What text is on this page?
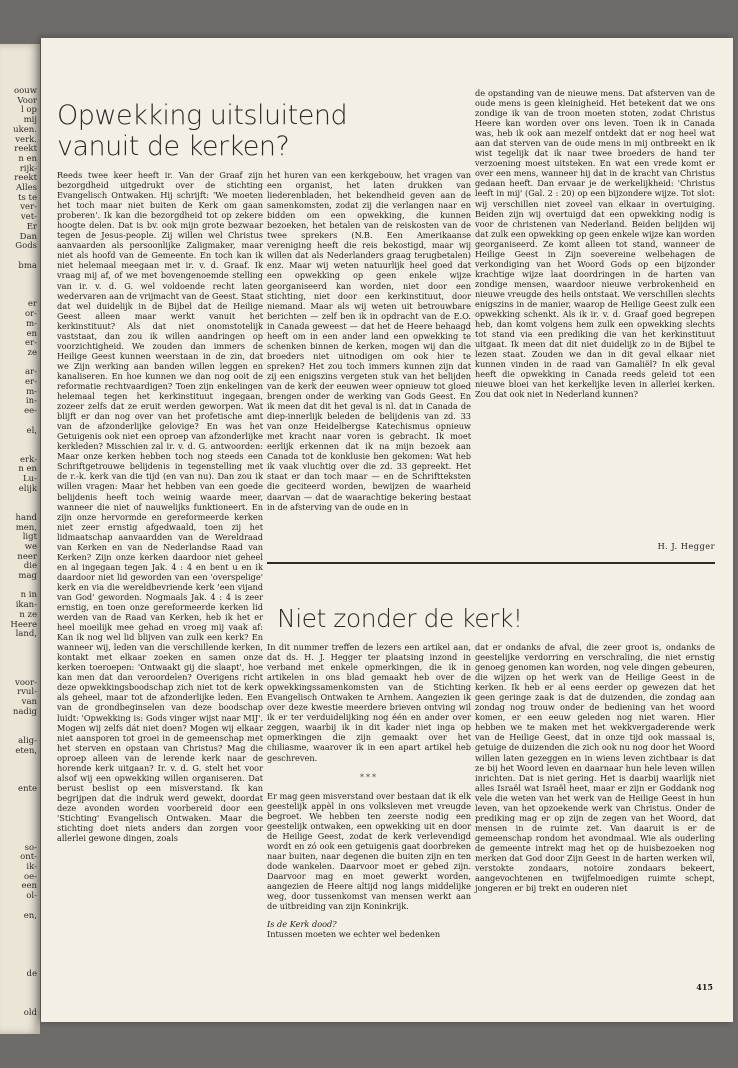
oouw
Voor
l op
mij
uken.
verk.
reekt
n en
rijk-
reekt
Alles
ts te
ver-
vet-
Er
Dan
Gods
bma
er
or-
m-
en
er-
ze
ar-
er-
m-
in-
ee-
el,
erk-
n en
Lu-
elijk
hand
men,
ligt
we
neer
die
mag
n in
ikan-
n ze
Heere
land,
voor-
rvul-
van
nadig
alig-
eten,
ente
so-
ont-
ik-
oe-
een
ol-
en,
de
old
Opwekking uitsluitend vanuit de kerken?

Reeds twee keer heeft ir. Van der Graaf zijn bezorgdheid uitgedrukt over de stichting Evangelisch Ontwaken. Hij schrijft: 'We moeten het toch maar niet buiten de Kerk om gaan proberen'. Ik kan die bezorgdheid tot op zekere hoogte delen. Dat is bv. ook mijn grote bezwaar tegen de Jesus-people. Zij willen wel Christus aanvaarden als persoonlijke Zaligmaker, maar niet als hoofd van de Gemeente. En toch kan ik niet helemaal meegaan met ir. v. d. Graaf. Ik vraag mij af, of we met bovengenoemde stelling van ir. v. d. G. wel voldoende recht laten wedervaren aan de vrijmacht van de Geest. Staat dat wel duidelijk in de Bijbel dat de Heilige Geest alleen maar werkt vanuit het kerkinstituut? Als dat niet onomstotelijk vaststaat, dan zou ik willen aandringen op voorzichtigheid. We zouden dan immers de Heilige Geest kunnen weerstaan in de zin, dat we Zijn werking aan banden willen leggen en kanaliseren. En hoe kunnen we dan nog ooit de reformatie rechtvaardigen? Toen zijn enkelingen helemaal tegen het kerkinstituut ingegaan, zozeer zelfs dat ze eruit werden geworpen. Wat blijft er dan nog over van het profetische amt van de afzonderlijke gelovige? En was het Getuigenis ook niet een oproep van afzonderlijke kerkleden? Misschien zal ir. v. d. G. antwoorden: Maar onze kerken hebben toch nog steeds een Schriftgetrouwe belijdenis in tegenstelling met de r.-k. kerk van die tijd (en van nu). Dan zou ik willen vragen: Maar het hebben van een goede belijdenis heeft toch weinig waarde meer, wanneer die niet of nauwelijks funktioneert. En zijn onze hervormde en gereformeerde kerken niet zeer ernstig afgedwaald, toen zij het lidmaatschap aanvaardden van de Wereldraad van Kerken en van de Nederlandse Raad van Kerken? Zijn onze kerken daardoor niet geheel en al ingegaan tegen Jak. 4 : 4 en bent u en ik daardoor niet lid geworden van een 'overspelige' kerk en via die wereldbevriende kerk 'een vijand van God' geworden. Nogmaals Jak. 4 : 4 is zeer ernstig, en toen onze gereformeerde kerken lid werden van de Raad van Kerken, heb ik het er heel moeilijk mee gehad en vroeg mij vaak af: Kan ik nog wel lid blijven van zulk een kerk? En wanneer wij, leden van die verschillende kerken, kontakt met elkaar zoeken en samen onze kerken toeroepen: 'Ontwaakt gij die slaapt', hoe kan men dat dan veroordelen? Overigens richt deze opwekkingsboodschap zich niet tot de kerk als geheel, maar tot de afzonderlijke leden. Een van de grondbeginselen van deze boodschap luidt: 'Opwekking is: Gods vinger wijst naar MIJ'. Mogen wij zelfs dát niet doen? Mogen wij elkaar niet aansporen tot groei in de gemeenschap met het sterven en opstaan van Christus? Mag die oproep alleen van de lerende kerk naar de horende kerk uitgaan? Ir. v. d. G. stelt het voor alsof wij een opwekking willen organiseren. Dat berust beslist op een misverstand. Ik kan begrijpen dat die indruk werd gewekt, doordat deze avonden worden voorbereid door een 'Stichting' Evangelisch Ontwaken. Maar die stichting doet niets anders dan zorgen voor allerlei gewone dingen, zoals

het huren van een kerkgebouw, het vragen van een organist, het laten drukken van liederenbladen, het bekendheid geven aan de samenkomsten, zodat zij die verlangen naar en bidden om een opwekking, die kunnen bezoeken, het betalen van de reiskosten van de twee sprekers (N.B. Een Amerikaanse vereniging heeft die reis bekostigd, maar wij willen dat als Nederlanders graag terugbetalen) enz. Maar wij weten natuurlijk heel goed dat een opwekking op geen enkele wijze georganiseerd kan worden, niet door een stichting, niet door een kerkinstituut, door niemand. Maar als wij weten uit betrouwbare berichten — zelf ben ik in opdracht van de E.O. in Canada geweest — dat het de Heere behaagd heeft om in een ander land een opwekking te schenken binnen de kerken, mogen wij dan die broeders niet uitnodigen om ook hier te spreken? Het zou toch immers kunnen zijn dat zij een enigszins vergeten stuk van het belijden van de kerk der eeuwen weer opnieuw tot gloed brengen onder de werking van Gods Geest. En ik meen dat dit het geval is nl. dat in Canada de diep-innerlijk beleden de belijdenis van zd. 33 van onze Heidelbergse Katechismus opnieuw met kracht naar voren is gebracht. Ik moet eerlijk erkennen dat ik na mijn bezoek aan Canada tot de konklusie ben gekomen: Wat heb ik vaak vluchtig over die zd. 33 gepreekt. Het staat er dan toch maar — en de Schriftteksten die geciteerd worden, bewijzen de waarheid daarvan — dat de waarachtige bekering bestaat in de afsterving van de oude en in

de opstanding van de nieuwe mens. Dat afsterven van de oude mens is geen kleinigheid. Het betekent dat we ons zondige ik van de troon moeten stoten, zodat Christus Heere kan worden over ons leven. Toen ik in Canada was, heb ik ook aan mezelf ontdekt dat er nog heel wat aan dat sterven van de oude mens in mij ontbreekt en ik wist tegelijk dat ik naar twee broeders de hand ter verzoening moest uitsteken. En wat een vrede komt er over een mens, wanneer hij dat in de kracht van Christus gedaan heeft. Dan ervaar je de werkelijkheid: 'Christus leeft in mij' (Gal. 2 : 20) op een bijzondere wijze. Tot slot: wij verschillen niet zoveel van elkaar in overtuiging. Beiden zijn wij overtuigd dat een opwekking nodig is voor de christenen van Nederland. Beiden belijden wij dat zulk een opwekking op geen enkele wijze kan worden georganiseerd. Ze komt alleen tot stand, wanneer de Heilige Geest in Zijn soevereine welbehagen de verkondiging van het Woord Gods op een bijzonder krachtige wijze laat doordringen in de harten van zondige mensen, waardoor nieuwe verbrokenheid en nieuwe vreugde des heils ontstaat. We verschillen slechts enigszins in de manier, waarop de Heilige Geest zulk een opwekking schenkt. Als ik ir. v. d. Graaf goed begrepen heb, dan komt volgens hem zulk een opwekking slechts tot stand via een prediking die van het kerkinstituut uitgaat. Ik meen dat dit niet duidelijk zo in de Bijbel te lezen staat. Zouden we dan in dit geval elkaar niet kunnen vinden in de raad van Gamaliël? In elk geval heeft die opwekking in Canada reeds geleid tot een nieuwe bloei van het kerkelijke leven in allerlei kerken. Zou dat ook niet in Nederland kunnen?

H. J. Hegger
Niet zonder de kerk!

In dit nummer treffen de lezers een artikel aan, dat ds. H. J. Hegger ter plaatsing inzond in verband met enkele opmerkingen, die ik in artikelen in ons blad gemaakt heb over de opwekkingssamenkomsten van de Stichting Evangelisch Ontwaken te Arnhem. Aangezien ik over deze kwestie meerdere brieven ontving wil ik er ter verduidelijking nog één en ander over zeggen, waarbij ik in dit kader niet inga op opmerkingen die zijn gemaakt over het chiliasme, waarover ik in een apart artikel heb geschreven.

***

Er mag geen misverstand over bestaan dat ik elk geestelijk appèl in ons volksleven met vreugde begroet. We hebben ten zeerste nodig een geestelijk ontwaken, een opwekking uit en door de Heilige Geest, zodat de kerk verlevendigd wordt en zó ook een getuigenis gaat doorbreken naar buiten, naar degenen die buiten zijn en ten dode wankelen. Daarvoor moet er gebed zijn. Daarvoor mag en moet gewerkt worden, aangezien de Heere altijd nog langs middelijke weg, door tussenkomst van mensen werkt aan de uitbreiding van zijn Koninkrijk.

Is de Kerk dood?

Intussen moeten we echter wel bedenken

dat er ondanks de afval, die zeer groot is, ondanks de geestelijke verdorring en verschraling, die niet ernstig genoeg genomen kan worden, nog vele dingen gebeuren, die wijzen op het werk van de Heilige Geest in de kerken. Ik heb er al eens eerder op gewezen dat het geen geringe zaak is dat de duizenden, die zondag aan zondag nog trouw onder de bediening van het woord komen, er een eeuw geleden nog niet waren. Hier hebben we te maken met het wekkvergaderende werk van de Heilige Geest, dat in onze tijd ook massaal is, getuige de duizenden die zich ook nu nog door het Woord willen laten gezeggen en in wiens leven zichtbaar is dat ze bij het Woord leven en daarnaar hun hele leven willen inrichten. Dat is niet gering. Het is daarbij waarlijk niet alles Israël wat Israël heet, maar er zijn er Goddank nog vele die weten van het werk van de Heilige Geest in hun leven, van het opzoekende werk van Christus. Onder de prediking mag er op zijn de zegen van het Woord, dat mensen in de ruimte zet. Van daaruit is er de gemeenschap rondom het avondmaal. Wie als ouderling de gemeente intrekt mag het op de huisbezoeken nog merken dat God door Zijn Geest in de harten werken wil, verstokte zondaars, notoire zondaars bekeert, aangevochtenen en twijfelmoedigen ruimte schept, jongeren er bij trekt en ouderen niet

415
